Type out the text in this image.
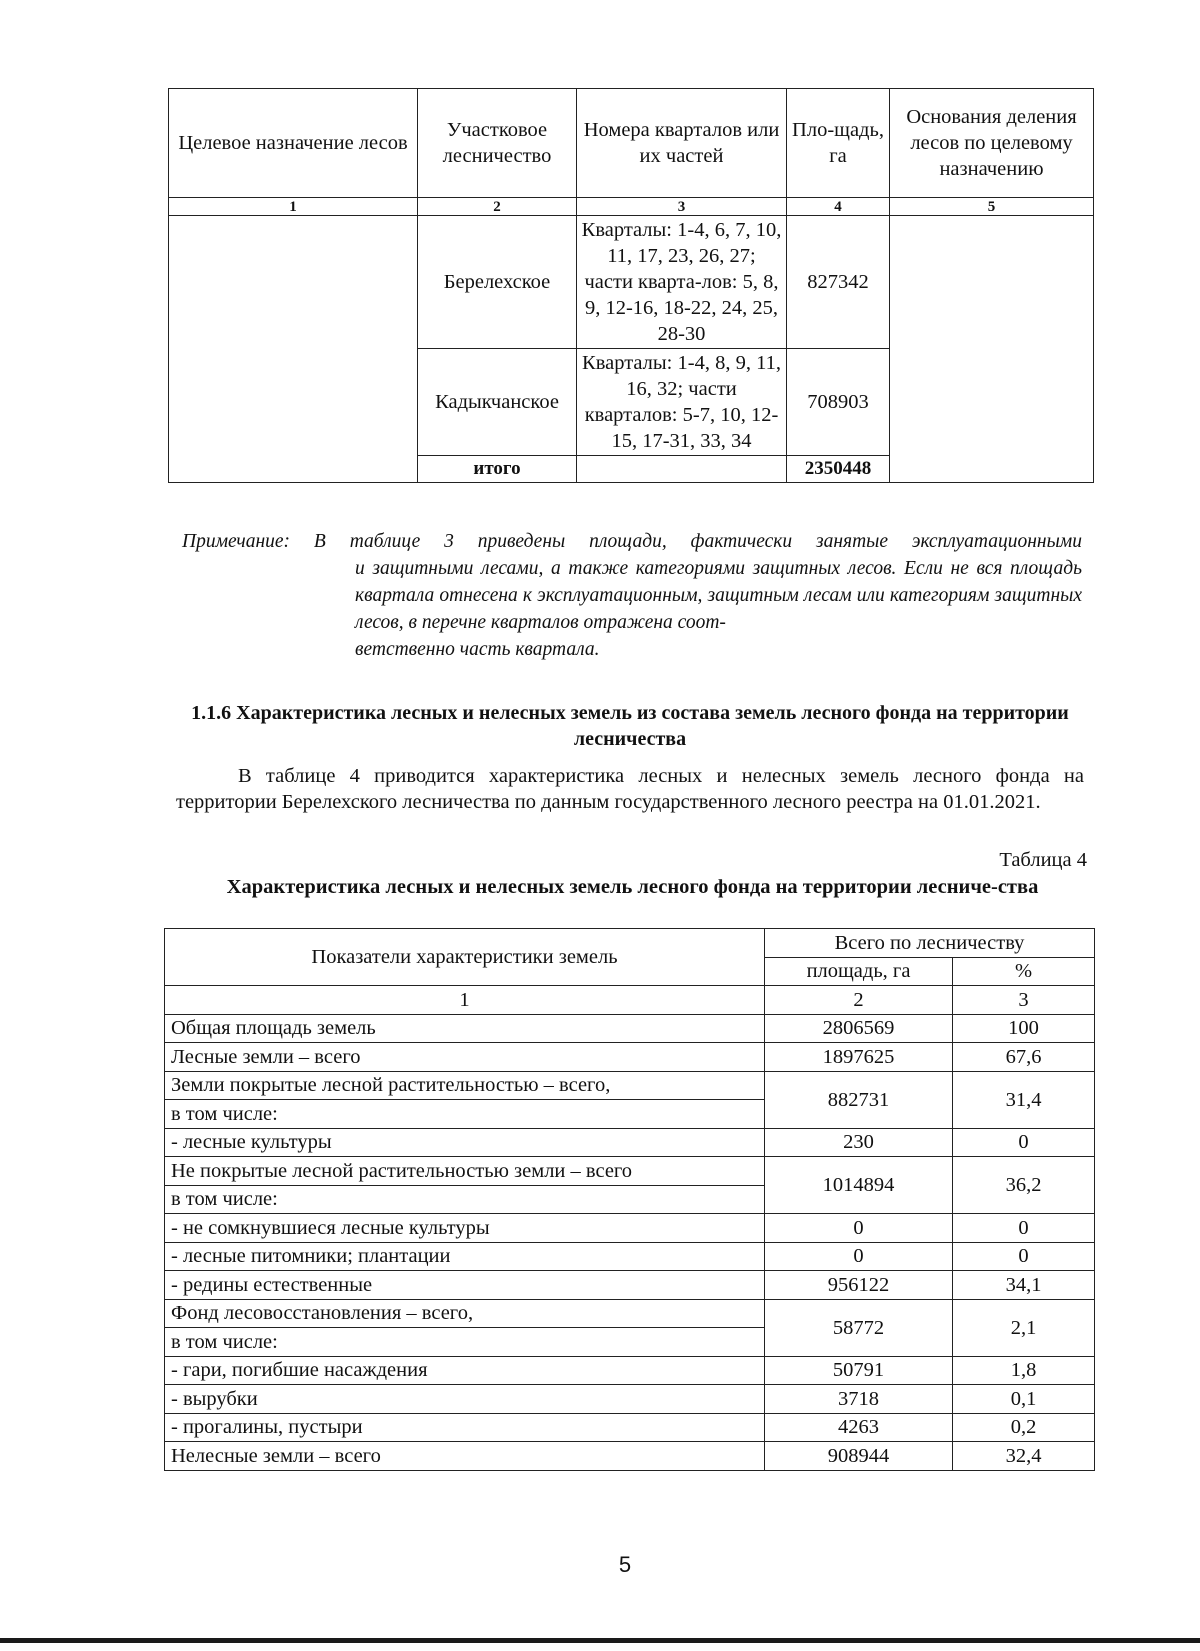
Целевое назначение лесов	Участковое лесничество	Номера кварталов или их частей	Пло-щадь, га	Основания деления лесов по целевому назначению
1	2	3	4	5
	Берелехское	Кварталы: 1-4, 6, 7, 10, 11, 17, 23, 26, 27; части кварта-лов: 5, 8, 9, 12-16, 18-22, 24, 25, 28-30	827342	
	Кадыкчанское	Кварталы: 1-4, 8, 9, 11, 16, 32; части кварталов: 5-7, 10, 12-15, 17-31, 33, 34	708903	
	итого		2350448	
Примечание: В таблице 3 приведены площади, фактически занятые эксплуатационными
и защитными лесами, а также категориями защитных лесов. Если не вся площадь квартала отнесена к эксплуатационным, защитным лесам или категориям защитных лесов, в перечне кварталов отражена соот-
ветственно часть квартала.
1.1.6 Характеристика лесных и нелесных земель из состава земель лесного фонда на территории лесничества

В таблице 4 приводится характеристика лесных и нелесных земель лесного фонда на территории Берелехского лесничества по данным государственного лесного реестра на 01.01.2021.

Таблица 4
Характеристика лесных и нелесных земель лесного фонда на территории лесниче-ства
Показатели характеристики земель	Всего по лесничеству	
	площадь, га	%
1	2	3
Общая площадь земель	2806569	100
Лесные земли – всего	1897625	67,6
Земли покрытые лесной растительностью – всего,	882731	31,4
в том числе:		
- лесные культуры	230	0
Не покрытые лесной растительностью земли – всего	1014894	36,2
в том числе:		
- не сомкнувшиеся лесные культуры	0	0
- лесные питомники; плантации	0	0
- редины естественные	956122	34,1
Фонд лесовосстановления – всего,	58772	2,1
в том числе:		
- гари, погибшие насаждения	50791	1,8
- вырубки	3718	0,1
- прогалины, пустыри	4263	0,2
Нелесные земли – всего	908944	32,4
5
